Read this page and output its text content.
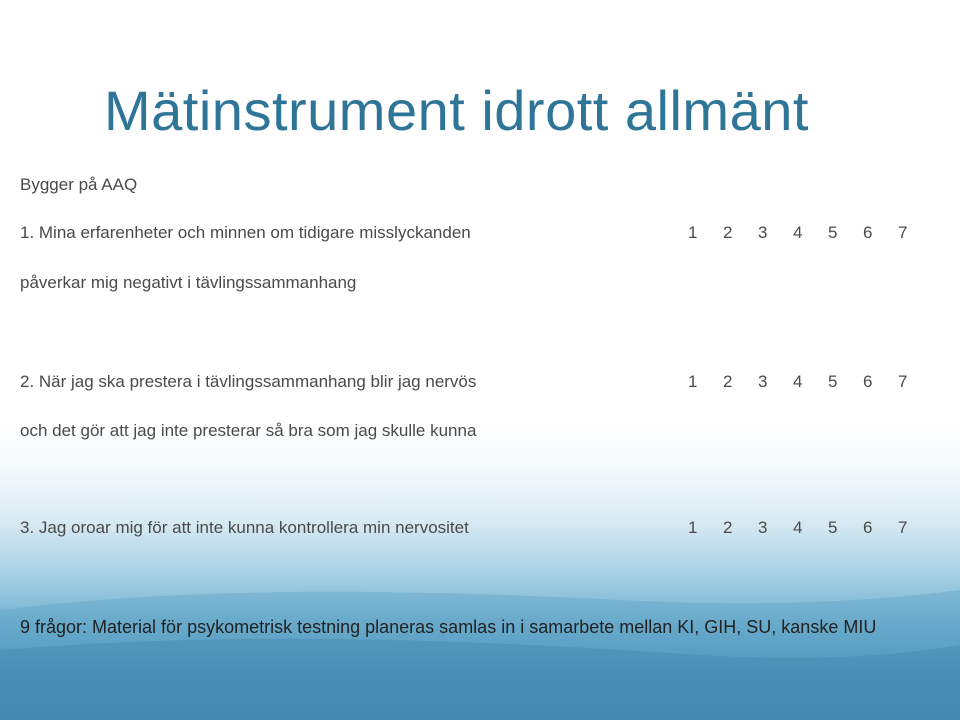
Mätinstrument idrott allmänt
Bygger på AAQ
1. Mina erfarenheter och minnen om tidigare misslyckanden	1	2	3	4	5	6	7
påverkar mig negativt i tävlingssammanhang
2. När jag ska prestera i tävlingssammanhang blir jag nervös	1	2	3	4	5	6	7
och det gör att jag inte presterar så bra som jag skulle kunna
3. Jag oroar mig för att inte kunna kontrollera min nervositet	1	2	3	4	5	6	7
9 frågor: Material för psykometrisk testning planeras samlas in i samarbete mellan KI, GIH, SU, kanske MIU
